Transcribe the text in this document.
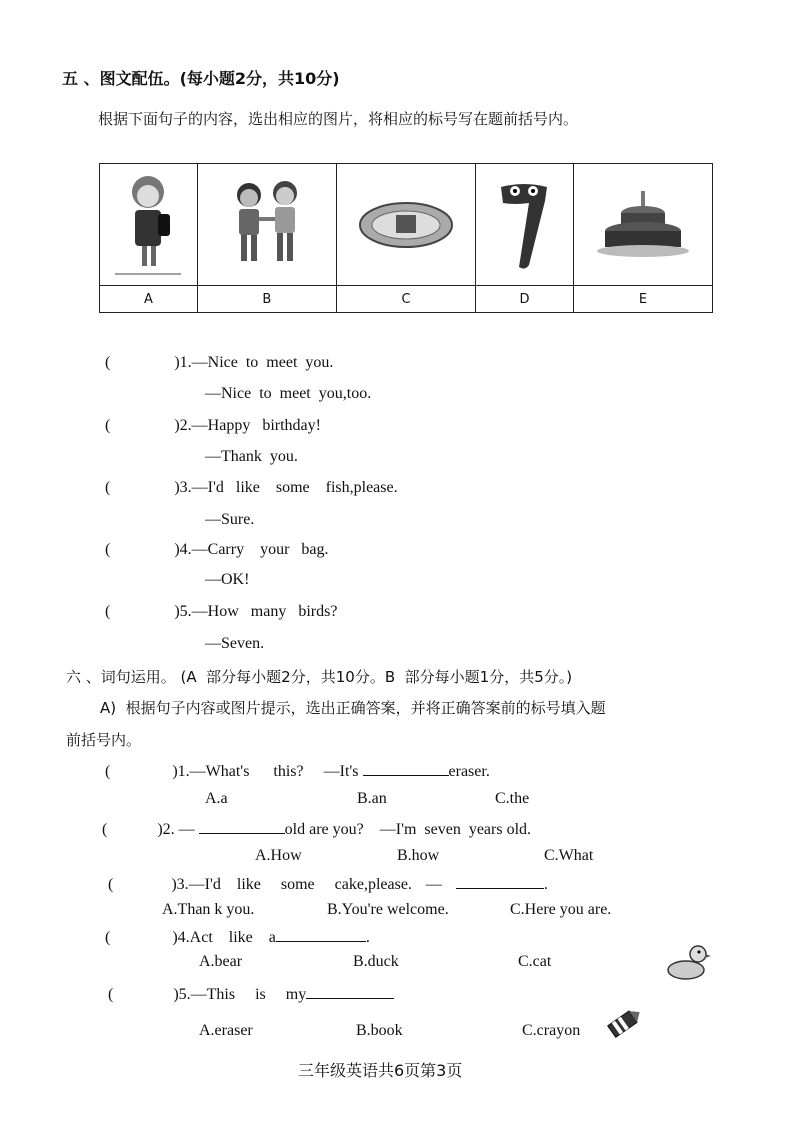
五 、图文配伍。(每小题2分，共10分)
根据下面句子的内容，选出相应的图片，将相应的标号写在题前括号内。

A	B	C	D	E
(	)1.—Nice  to  meet  you.
—Nice  to  meet  you,too.
(	)2.—Happy   birthday!
—Thank  you.
(	)3.—I'd   like    some    fish,please.
—Sure.
(	)4.—Carry    your   bag.
—OK!
(	)5.—How   many   birds?
—Seven.
六 、词句运用。 (A  部分每小题2分，共10分。B  部分每小题1分，共5分。)
A)  根据句子内容或图片提示，选出正确答案，并将正确答案前的标号填入题
前括号内。
(	)1.—What's      this?     —It's	eraser.
A.a	B.an	C.the
(	)2. —	old are you?    —I'm  seven  years old.
A.How	B.how	C.What
(	)3.—I'd    like     some     cake,please. —	.
A.Than k you.	B.You're welcome.	C.Here you are.
(	)4.Act    like    a	.
A.bear	B.duck	C.cat
(	)5.—This     is     my
A.eraser	B.book	C.crayon
三年级英语共6页第3页
